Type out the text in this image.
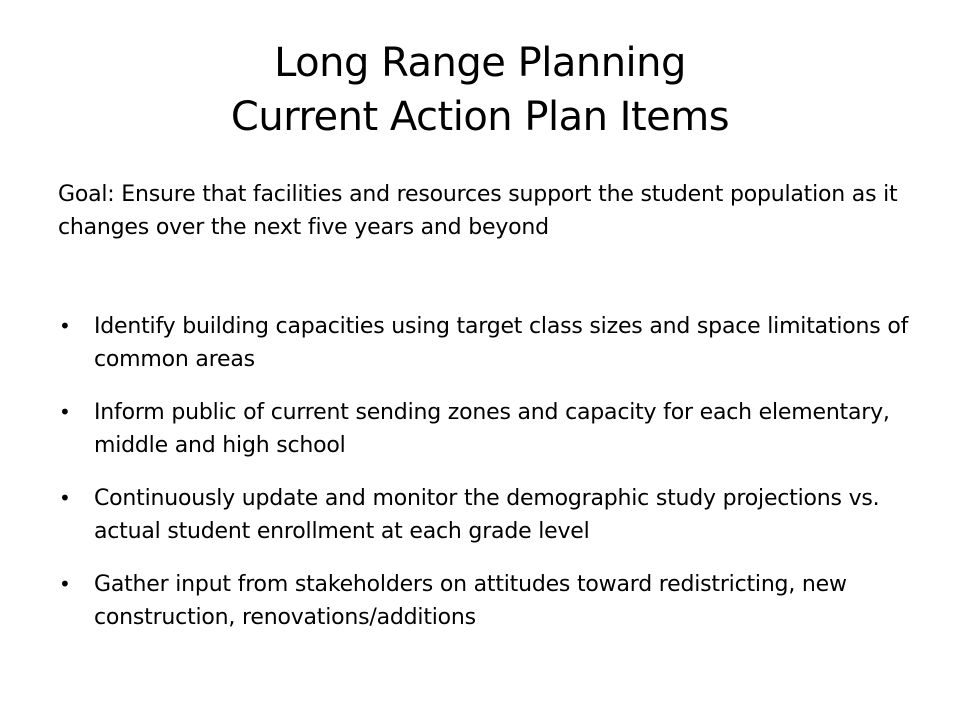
Long Range Planning
Current Action Plan Items
Goal: Ensure that facilities and resources support the student population as it changes over the next five years and beyond
• Identify building capacities using target class sizes and space limitations of common areas
• Inform public of current sending zones and capacity for each elementary, middle and high school
• Continuously update and monitor the demographic study projections vs. actual student enrollment at each grade level
• Gather input from stakeholders on attitudes toward redistricting, new construction, renovations/additions
